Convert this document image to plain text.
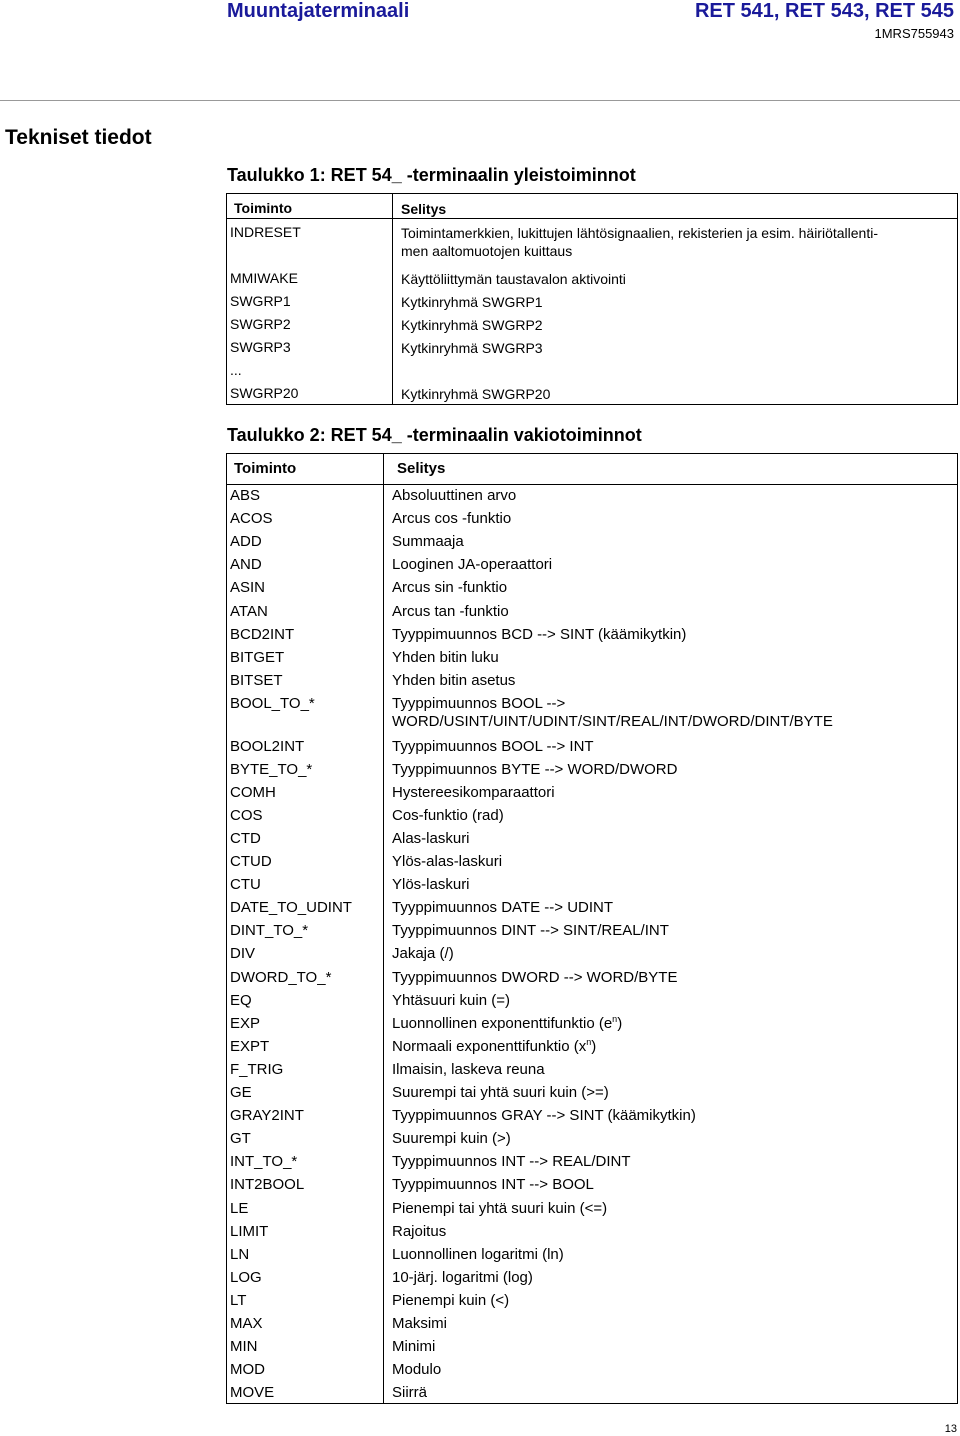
Muuntajaterminaali	RET 541, RET 543, RET 545
1MRS755943
Tekniset tiedot
Taulukko 1: RET 54_ -terminaalin yleistoiminnot
Toiminto	Selitys
INDRESET	Toimintamerkkien, lukittujen lähtösignaalien, rekisterien ja esim. häiriötallenti-
men aaltomuotojen kuittaus
MMIWAKE	Käyttöliittymän taustavalon aktivointi
SWGRP1	Kytkinryhmä SWGRP1
SWGRP2	Kytkinryhmä SWGRP2
SWGRP3	Kytkinryhmä SWGRP3
...
SWGRP20	Kytkinryhmä SWGRP20
Taulukko 2: RET 54_ -terminaalin vakiotoiminnot
Toiminto	Selitys
ABS	Absoluuttinen arvo
ACOS	Arcus cos -funktio
ADD	Summaaja
AND	Looginen JA-operaattori
ASIN	Arcus sin -funktio
ATAN	Arcus tan -funktio
BCD2INT	Tyyppimuunnos BCD --> SINT (käämikytkin)
BITGET	Yhden bitin luku
BITSET	Yhden bitin asetus
BOOL_TO_*	Tyyppimuunnos BOOL -->
WORD/USINT/UINT/UDINT/SINT/REAL/INT/DWORD/DINT/BYTE
BOOL2INT	Tyyppimuunnos BOOL --> INT
BYTE_TO_*	Tyyppimuunnos BYTE --> WORD/DWORD
COMH	Hystereesikomparaattori
COS	Cos-funktio (rad)
CTD	Alas-laskuri
CTUD	Ylös-alas-laskuri
CTU	Ylös-laskuri
DATE_TO_UDINT	Tyyppimuunnos DATE --> UDINT
DINT_TO_*	Tyyppimuunnos DINT --> SINT/REAL/INT
DIV	Jakaja (/)
DWORD_TO_*	Tyyppimuunnos DWORD --> WORD/BYTE
EQ	Yhtäsuuri kuin (=)
EXP	Luonnollinen exponenttifunktio $(e^n)$
EXPT	Normaali exponenttifunktio $(x^n)$
F_TRIG	Ilmaisin, laskeva reuna
GE	Suurempi tai yhtä suuri kuin (>=)
GRAY2INT	Tyyppimuunnos GRAY --> SINT (käämikytkin)
GT	Suurempi kuin (>)
INT_TO_*	Tyyppimuunnos INT --> REAL/DINT
INT2BOOL	Tyyppimuunnos INT --> BOOL
LE	Pienempi tai yhtä suuri kuin (<=)
LIMIT	Rajoitus
LN	Luonnollinen logaritmi (ln)
LOG	10-järj. logaritmi (log)
LT	Pienempi kuin (<)
MAX	Maksimi
MIN	Minimi
MOD	Modulo
MOVE	Siirrä
13
